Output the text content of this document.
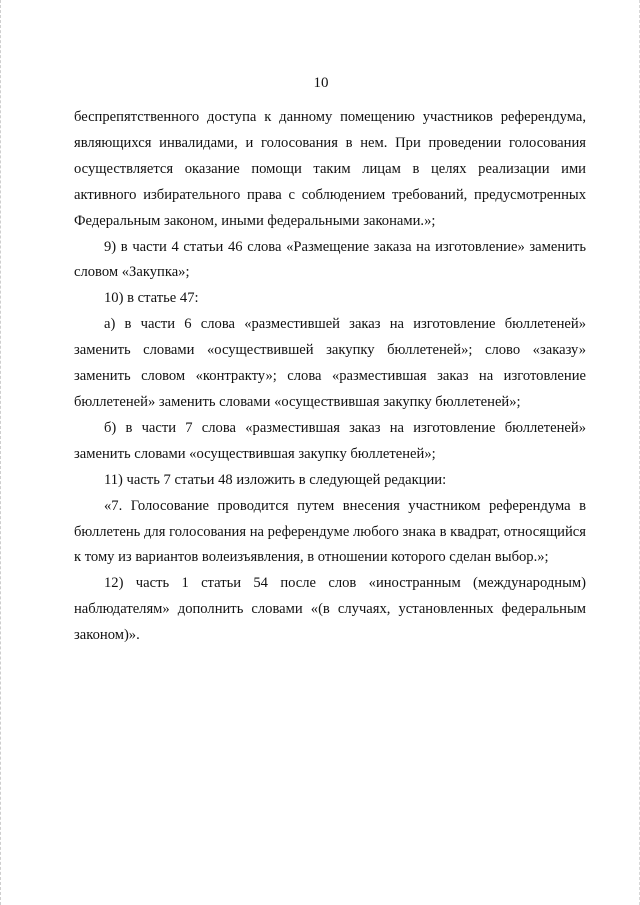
10

беспрепятственного доступа к данному помещению участников референдума, являющихся инвалидами, и голосования в нем. При проведении голосования осуществляется оказание помощи таким лицам в целях реализации ими активного избирательного права с соблюдением требований, предусмотренных Федеральным законом, иными федеральными законами.»;

9) в части 4 статьи 46 слова «Размещение заказа на изготовление» заменить словом «Закупка»;

10) в статье 47:

а) в части 6 слова «разместившей заказ на изготовление бюллетеней» заменить словами «осуществившей закупку бюллетеней»; слово «заказу» заменить словом «контракту»; слова «разместившая заказ на изготовление бюллетеней» заменить словами «осуществившая закупку бюллетеней»;

б) в части 7 слова «разместившая заказ на изготовление бюллетеней» заменить словами «осуществившая закупку бюллетеней»;

11) часть 7 статьи 48 изложить в следующей редакции:

«7. Голосование проводится путем внесения участником референдума в бюллетень для голосования на референдуме любого знака в квадрат, относящийся к тому из вариантов волеизъявления, в отношении которого сделан выбор.»;

12) часть 1 статьи 54 после слов «иностранным (международным) наблюдателям» дополнить словами «(в случаях, установленных федеральным законом)».
